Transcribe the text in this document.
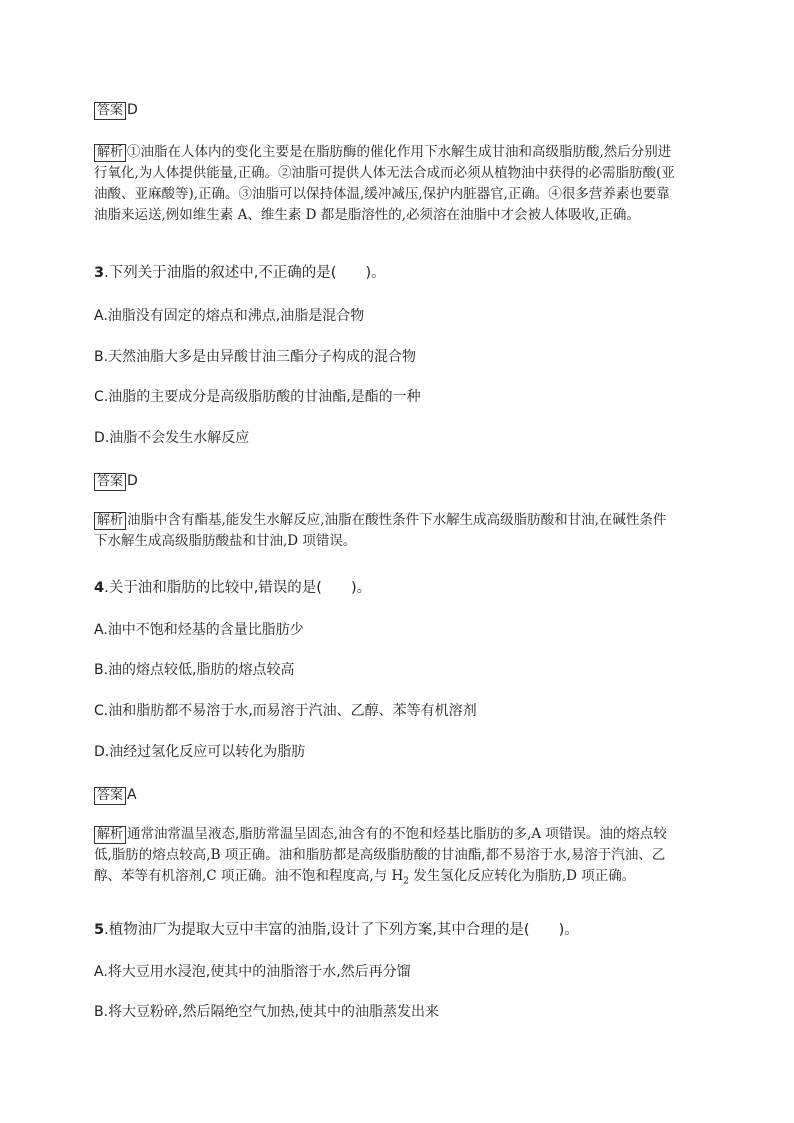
答案 D
解析 ①油脂在人体内的变化主要是在脂肪酶的催化作用下水解生成甘油和高级脂肪酸,然后分别进
行氧化,为人体提供能量,正确。②油脂可提供人体无法合成而必须从植物油中获得的必需脂肪酸(亚
油酸、亚麻酸等),正确。③油脂可以保持体温,缓冲减压,保护内脏器官,正确。④很多营养素也要靠
油脂来运送,例如维生素 A、维生素 D 都是脂溶性的,必须溶在油脂中才会被人体吸收,正确。
3.下列关于油脂的叙述中,不正确的是(　　)。
A.油脂没有固定的熔点和沸点,油脂是混合物
B.天然油脂大多是由异酸甘油三酯分子构成的混合物
C.油脂的主要成分是高级脂肪酸的甘油酯,是酯的一种
D.油脂不会发生水解反应
答案 D
解析 油脂中含有酯基,能发生水解反应,油脂在酸性条件下水解生成高级脂肪酸和甘油,在碱性条件
下水解生成高级脂肪酸盐和甘油,D 项错误。
4.关于油和脂肪的比较中,错误的是(　　)。
A.油中不饱和烃基的含量比脂肪少
B.油的熔点较低,脂肪的熔点较高
C.油和脂肪都不易溶于水,而易溶于汽油、乙醇、苯等有机溶剂
D.油经过氢化反应可以转化为脂肪
答案 A
解析 通常油常温呈液态,脂肪常温呈固态,油含有的不饱和烃基比脂肪的多,A 项错误。油的熔点较
低,脂肪的熔点较高,B 项正确。油和脂肪都是高级脂肪酸的甘油酯,都不易溶于水,易溶于汽油、乙
醇、苯等有机溶剂,C 项正确。油不饱和程度高,与 $H_2$ 发生氢化反应转化为脂肪,D 项正确。
5.植物油厂为提取大豆中丰富的油脂,设计了下列方案,其中合理的是(　　)。
A.将大豆用水浸泡,使其中的油脂溶于水,然后再分馏
B.将大豆粉碎,然后隔绝空气加热,使其中的油脂蒸发出来
